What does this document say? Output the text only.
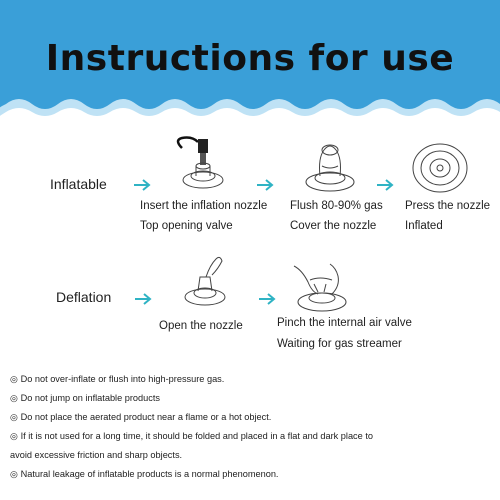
Instructions for use
Inflatable
Insert the inflation nozzle
Top opening valve
Flush 80-90% gas
Cover the nozzle
Press the nozzle
Inflated
Deflation
Open the nozzle	Pinch the internal air valve
Waiting for gas streamer
◎ Do not over-inflate or flush into high-pressure gas.
◎ Do not jump on inflatable products
◎ Do not place the aerated product near a flame or a hot object.
◎ If it is not used for a long time, it should be folded and placed in a flat and dark place to
avoid excessive friction and sharp objects.
◎ Natural leakage of inflatable products is a normal phenomenon.
